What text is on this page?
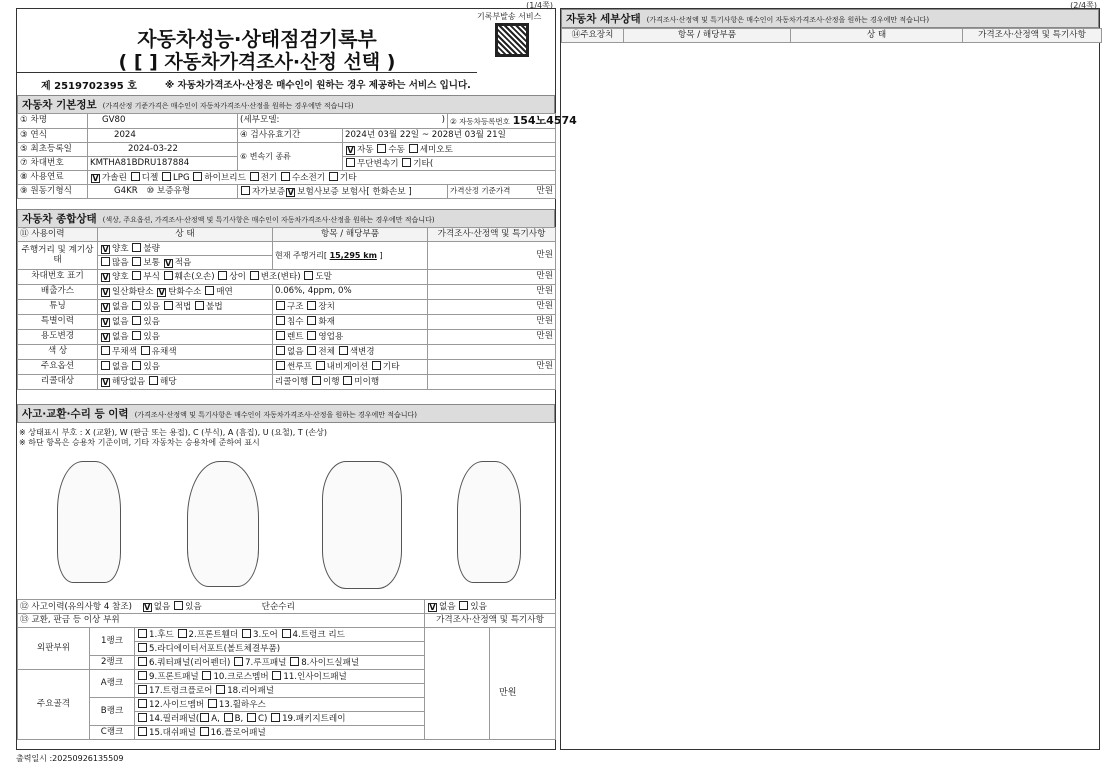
(1/4쪽)
자동차성능·상태점검기록부
( [ ] 자동차가격조사·산정 선택 )
기록부발송 서비스
제 2519702395 호	※ 자동차가격조사·산정은 매수인이 원하는 경우 제공하는 서비스 입니다.
자동차 기본정보 (가격산정 기준가격은 매수인이 자동차가격조사·산정을 원하는 경우에만 적습니다)
① 차명	GV80	(세부모델: )		② 자동차등록번호 154노4574
③ 연식	2024	④ 검사유효기간	2024년 03월 22일 ~ 2028년 03월 21일	
⑤ 최초등록일	2024-03-22	⑥ 변속기 종류	V 자동 수동 세미오토	
⑦ 차대번호	KMTHA81BDRU187884		무단변속기 기타(	
⑧ 사용연료	V 가솔린 디젤 LPG 하이브리드 전기 수소전기 기타			
⑨ 원동기형식	G4KR ⑩ 보증유형	자가보증 V 보험사보증 보험사[ 한화손보 ]		가격산정 기준가격 만원
자동차 종합상태 (색상, 주요옵션, 가격조사·산정액 및 특기사항은 매수인이 자동차가격조사·산정을 원하는 경우에만 적습니다)
⑪ 사용이력	상 태	항목 / 해당부품	가격조사·산정액 및 특기사항
주행거리 및 계기상태	V 양호 불량	현재 주행거리[ 15,295 km ]	만원
	많음 보통 V 적음		
차대번호 표기	V 양호 부식 훼손(오손) 상이 변조(변타) 도말		만원
배출가스	V 일산화탄소 V 탄화수소 매연	0.06%, 4ppm, 0%	만원
튜닝	V 없음 있음 적법 불법	구조 장치	만원
특별이력	V 없음 있음	침수 화재	만원
용도변경	V 없음 있음	렌트 영업용	만원
색 상	무채색 유채색	없음 전체 색변경	
주요옵션	없음 있음	썬루프 내비게이션 기타	만원
리콜대상	V 해당없음 해당	리콜이행 이행 미이행	
사고·교환·수리 등 이력 (가격조사·산정액 및 특기사항은 매수인이 자동차가격조사·산정을 원하는 경우에만 적습니다)
※ 상태표시 부호 : X (교환), W (판금 또는 용접), C (부식), A (흠집), U (요철), T (손상)
※ 하단 항목은 승용차 기준이며, 기타 자동차는 승용차에 준하여 표시
⑫ 사고이력(유의사항 4 참조) V 없음 있음 단순수리			V 없음 있음	
⑬ 교환, 판금 등 이상 부위			가격조사·산정액 및 특기사항	
외판부위	1랭크	1.후드 2.프론트휀더 3.도어 4.트렁크 리드		
		5.라디에이터서포트(볼트체결부품)		
	2랭크	6.쿼터패널(리어펜더) 7.루프패널 8.사이드실패널		
주요골격	A랭크	9.프론트패널 10.크로스멤버 11.인사이드패널		
		17.트렁크플로어 18.리어패널		
	B랭크	12.사이드멤버 13.휠하우스		
		14.필러패널( A, B, C) 19.패키지트레이		
	C랭크	15.대쉬패널 16.플로어패널		
만원
출력일시 :20250926135509
(2/4쪽)
자동차 세부상태 (가격조사·산정액 및 특기사항은 매수인이 자동차가격조사·산정을 원하는 경우에만 적습니다)
⑭주요장치	항목 / 해당부품	상 태	가격조사·산정액 및 특기사항
